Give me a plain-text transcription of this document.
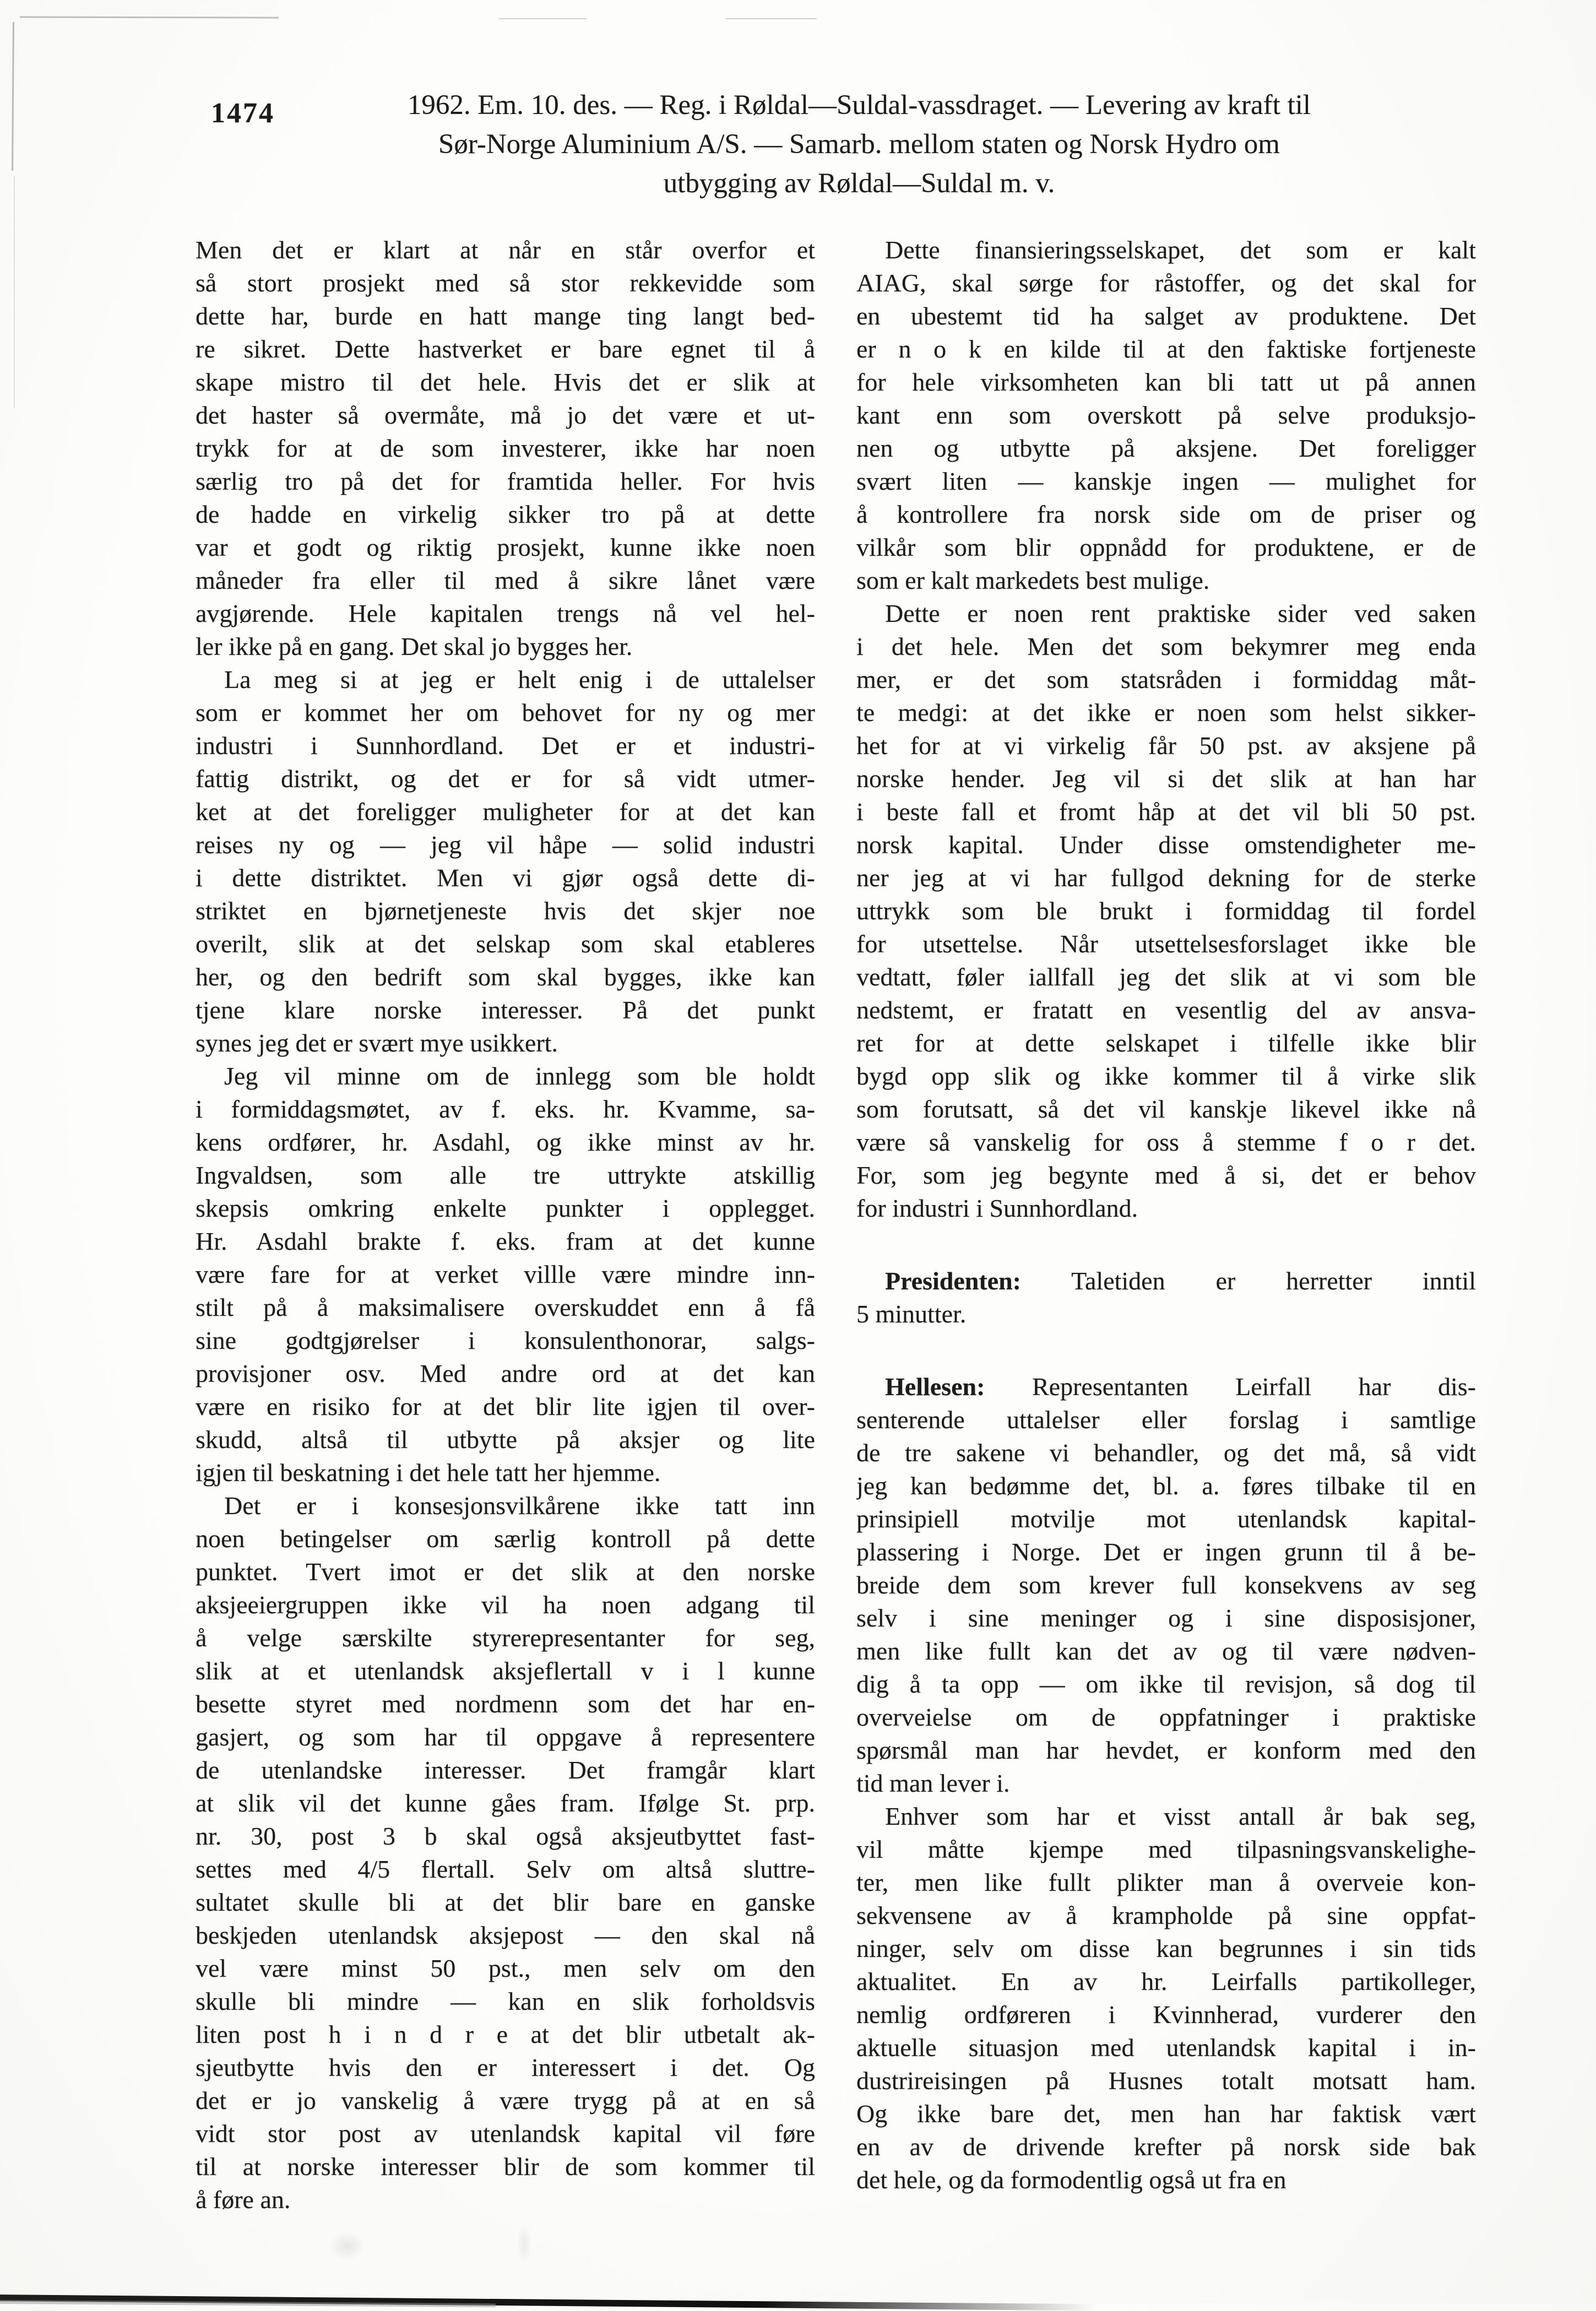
1474	1962. Em. 10. des. — Reg. i Røldal—Suldal-vassdraget. — Levering av kraft til
Sør-Norge Aluminium A/S. — Samarb. mellom staten og Norsk Hydro om
utbygging av Røldal—Suldal m. v.
Men det er klart at når en står overfor et
så stort prosjekt med så stor rekkevidde som
dette har, burde en hatt mange ting langt bed-
re sikret. Dette hastverket er bare egnet til å
skape mistro til det hele. Hvis det er slik at
det haster så overmåte, må jo det være et ut-
trykk for at de som investerer, ikke har noen
særlig tro på det for framtida heller. For hvis
de hadde en virkelig sikker tro på at dette
var et godt og riktig prosjekt, kunne ikke noen
måneder fra eller til med å sikre lånet være
avgjørende. Hele kapitalen trengs nå vel hel-
ler ikke på en gang. Det skal jo bygges her.
La meg si at jeg er helt enig i de uttalelser
som er kommet her om behovet for ny og mer
industri i Sunnhordland. Det er et industri-
fattig distrikt, og det er for så vidt utmer-
ket at det foreligger muligheter for at det kan
reises ny og — jeg vil håpe — solid industri
i dette distriktet. Men vi gjør også dette di-
striktet en bjørnetjeneste hvis det skjer noe
overilt, slik at det selskap som skal etableres
her, og den bedrift som skal bygges, ikke kan
tjene klare norske interesser. På det punkt
synes jeg det er svært mye usikkert.
Jeg vil minne om de innlegg som ble holdt
i formiddagsmøtet, av f. eks. hr. Kvamme, sa-
kens ordfører, hr. Asdahl, og ikke minst av hr.
Ingvaldsen, som alle tre uttrykte atskillig
skepsis omkring enkelte punkter i opplegget.
Hr. Asdahl brakte f. eks. fram at det kunne
være fare for at verket villle være mindre inn-
stilt på å maksimalisere overskuddet enn å få
sine godtgjørelser i konsulenthonorar, salgs-
provisjoner osv. Med andre ord at det kan
være en risiko for at det blir lite igjen til over-
skudd, altså til utbytte på aksjer og lite
igjen til beskatning i det hele tatt her hjemme.
Det er i konsesjonsvilkårene ikke tatt inn
noen betingelser om særlig kontroll på dette
punktet. Tvert imot er det slik at den norske
aksjeeiergruppen ikke vil ha noen adgang til
å velge særskilte styrerepresentanter for seg,
slik at et utenlandsk aksjeflertall v i l kunne
besette styret med nordmenn som det har en-
gasjert, og som har til oppgave å representere
de utenlandske interesser. Det framgår klart
at slik vil det kunne gåes fram. Ifølge St. prp.
nr. 30, post 3 b skal også aksjeutbyttet fast-
settes med 4/5 flertall. Selv om altså sluttre-
sultatet skulle bli at det blir bare en ganske
beskjeden utenlandsk aksjepost — den skal nå
vel være minst 50 pst., men selv om den
skulle bli mindre — kan en slik forholdsvis
liten post h i n d r e at det blir utbetalt ak-
sjeutbytte hvis den er interessert i det. Og
det er jo vanskelig å være trygg på at en så
vidt stor post av utenlandsk kapital vil føre
til at norske interesser blir de som kommer til
å føre an.
Dette finansieringsselskapet, det som er kalt
AIAG, skal sørge for råstoffer, og det skal for
en ubestemt tid ha salget av produktene. Det
er n o k en kilde til at den faktiske fortjeneste
for hele virksomheten kan bli tatt ut på annen
kant enn som overskott på selve produksjo-
nen og utbytte på aksjene. Det foreligger
svært liten — kanskje ingen — mulighet for
å kontrollere fra norsk side om de priser og
vilkår som blir oppnådd for produktene, er de
som er kalt markedets best mulige.
Dette er noen rent praktiske sider ved saken
i det hele. Men det som bekymrer meg enda
mer, er det som statsråden i formiddag måt-
te medgi: at det ikke er noen som helst sikker-
het for at vi virkelig får 50 pst. av aksjene på
norske hender. Jeg vil si det slik at han har
i beste fall et fromt håp at det vil bli 50 pst.
norsk kapital. Under disse omstendigheter me-
ner jeg at vi har fullgod dekning for de sterke
uttrykk som ble brukt i formiddag til fordel
for utsettelse. Når utsettelsesforslaget ikke ble
vedtatt, føler iallfall jeg det slik at vi som ble
nedstemt, er fratatt en vesentlig del av ansva-
ret for at dette selskapet i tilfelle ikke blir
bygd opp slik og ikke kommer til å virke slik
som forutsatt, så det vil kanskje likevel ikke nå
være så vanskelig for oss å stemme f o r det.
For, som jeg begynte med å si, det er behov
for industri i Sunnhordland.
Presidenten: Taletiden er herretter inntil
5 minutter.
Hellesen: Representanten Leirfall har dis-
senterende uttalelser eller forslag i samtlige
de tre sakene vi behandler, og det må, så vidt
jeg kan bedømme det, bl. a. føres tilbake til en
prinsipiell motvilje mot utenlandsk kapital-
plassering i Norge. Det er ingen grunn til å be-
breide dem som krever full konsekvens av seg
selv i sine meninger og i sine disposisjoner,
men like fullt kan det av og til være nødven-
dig å ta opp — om ikke til revisjon, så dog til
overveielse om de oppfatninger i praktiske
spørsmål man har hevdet, er konform med den
tid man lever i.
Enhver som har et visst antall år bak seg,
vil måtte kjempe med tilpasningsvanskelighe-
ter, men like fullt plikter man å overveie kon-
sekvensene av å krampholde på sine oppfat-
ninger, selv om disse kan begrunnes i sin tids
aktualitet. En av hr. Leirfalls partikolleger,
nemlig ordføreren i Kvinnherad, vurderer den
aktuelle situasjon med utenlandsk kapital i in-
dustrireisingen på Husnes totalt motsatt ham.
Og ikke bare det, men han har faktisk vært
en av de drivende krefter på norsk side bak
det hele, og da formodentlig også ut fra en
